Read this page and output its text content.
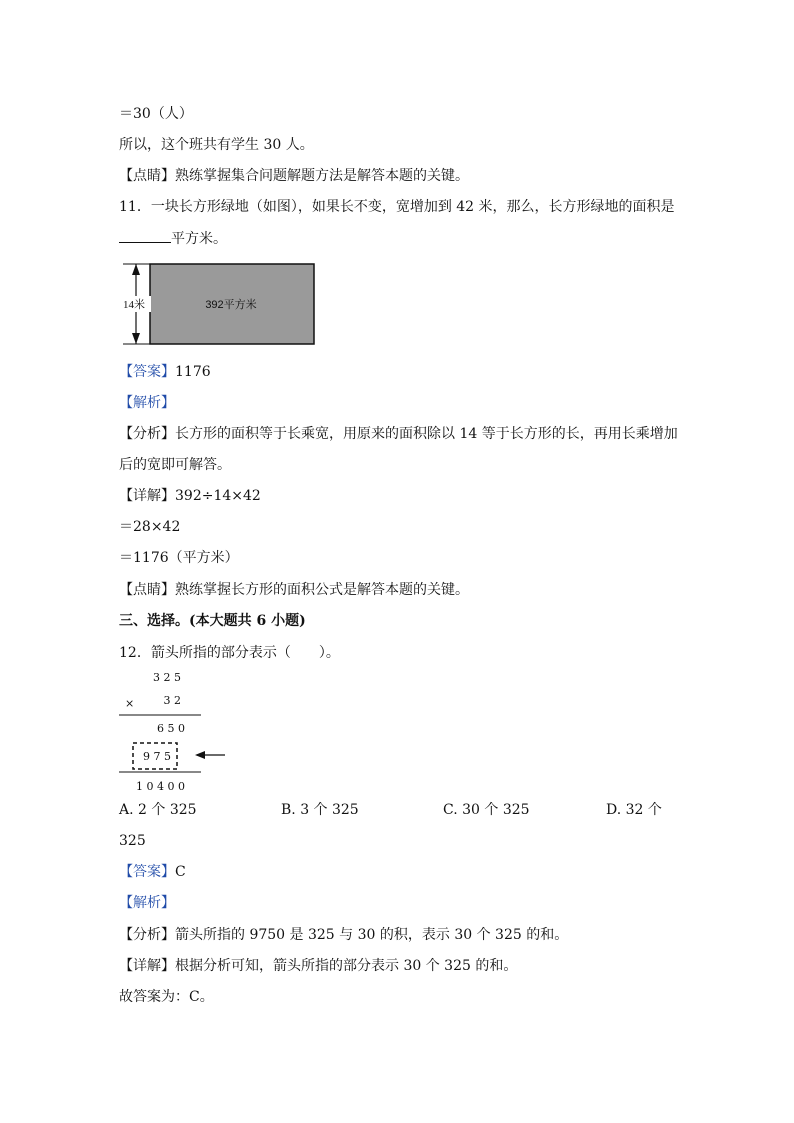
＝30（人）
所以，这个班共有学生 30 人。
【点睛】熟练掌握集合问题解题方法是解答本题的关键。
11．一块长方形绿地（如图），如果长不变，宽增加到 42 米，那么，长方形绿地的面积是
平方米。
14米	392平方米
【答案】1176
【解析】
【分析】长方形的面积等于长乘宽，用原来的面积除以 14 等于长方形的长，再用长乘增加
后的宽即可解答。
【详解】392÷14×42
＝28×42
＝1176（平方米）
【点睛】熟练掌握长方形的面积公式是解答本题的关键。
三、选择。(本大题共 6 小题)
12．箭头所指的部分表示（　　）。
3 2 5
×	3 2
6 5 0
9 7 5
1 0 4 0 0
A. 2 个 325	B. 3 个 325	C. 30 个 325	D. 32 个
325
【答案】C
【解析】
【分析】箭头所指的 9750 是 325 与 30 的积，表示 30 个 325 的和。
【详解】根据分析可知，箭头所指的部分表示 30 个 325 的和。
故答案为：C。
